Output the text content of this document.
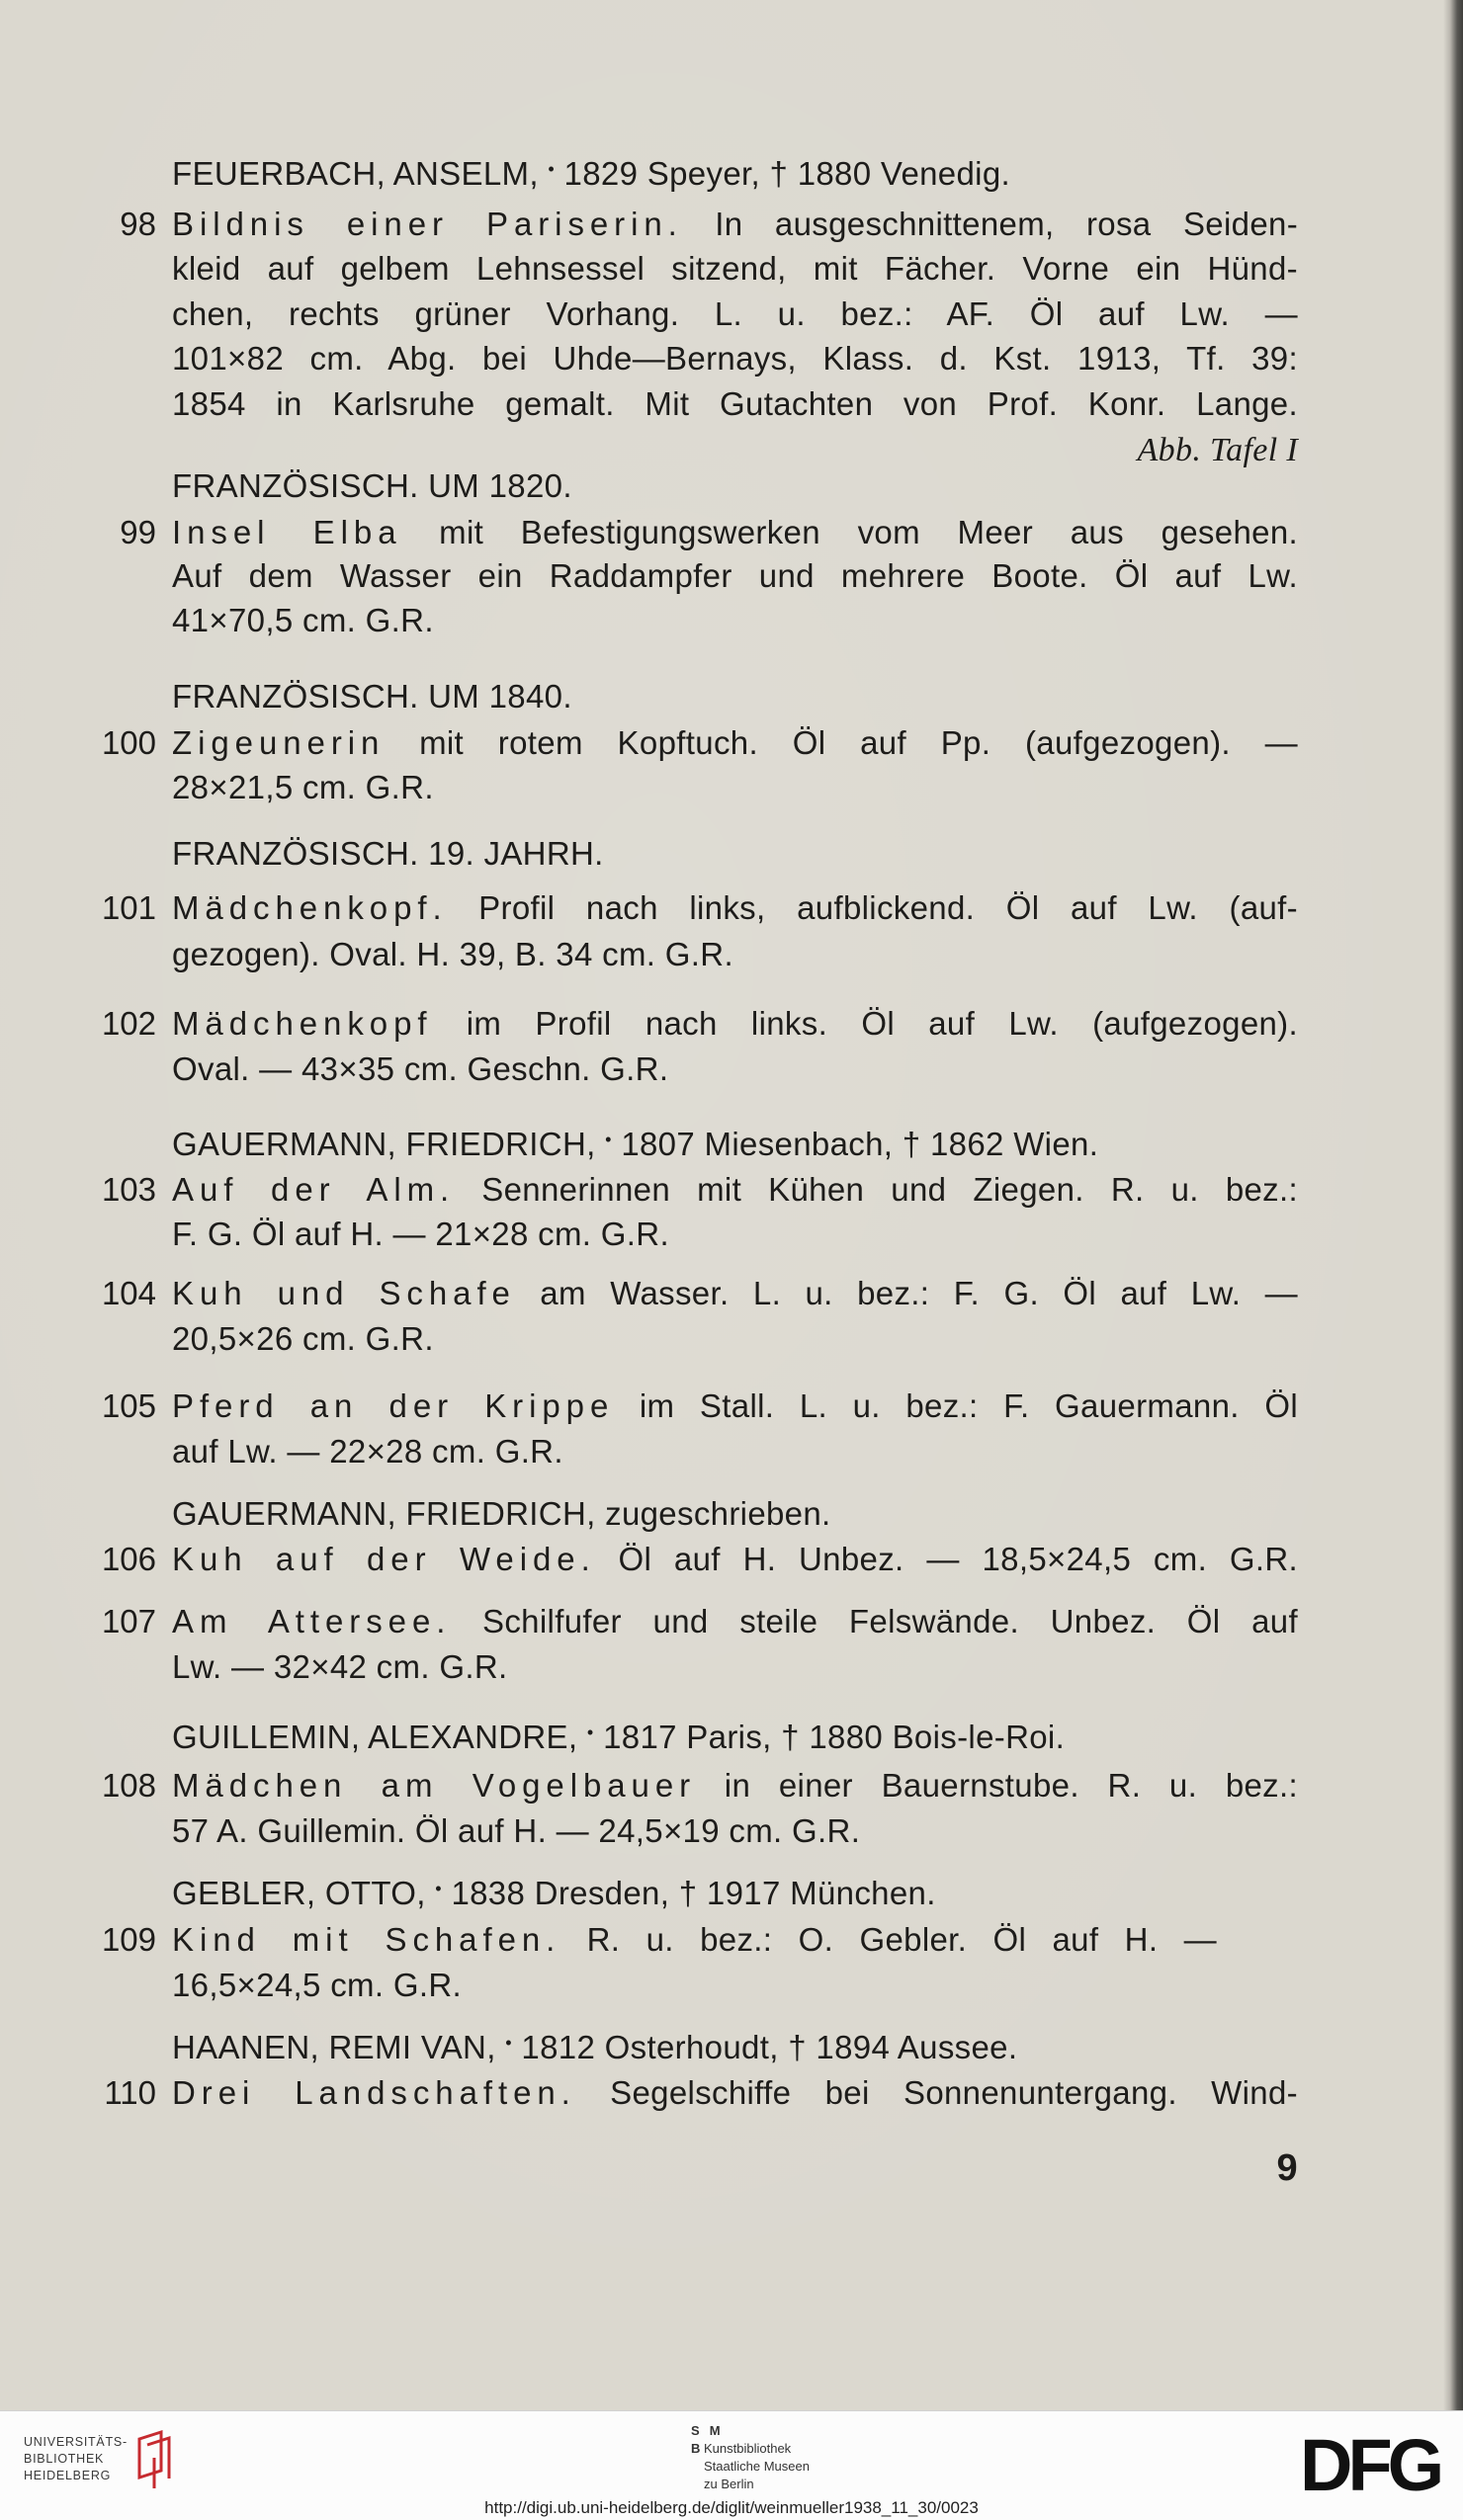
FEUERBACH, ANSELM, • 1829 Speyer, † 1880 Venedig.
98 Bildnis einer Pariserin. In ausgeschnittenem, rosa Seiden-
kleid auf gelbem Lehnsessel sitzend, mit Fächer. Vorne ein Hünd-
chen, rechts grüner Vorhang. L. u. bez.: AF. Öl auf Lw. —
101×82 cm. Abg. bei Uhde—Bernays, Klass. d. Kst. 1913, Tf. 39:
1854 in Karlsruhe gemalt. Mit Gutachten von Prof. Konr. Lange.
Abb. Tafel I
FRANZÖSISCH. UM 1820.
99 Insel Elba mit Befestigungswerken vom Meer aus gesehen.
Auf dem Wasser ein Raddampfer und mehrere Boote. Öl auf Lw.
41×70,5 cm. G.R.
FRANZÖSISCH. UM 1840.
100 Zigeunerin mit rotem Kopftuch. Öl auf Pp. (aufgezogen). —
28×21,5 cm. G.R.
FRANZÖSISCH. 19. JAHRH.
101 Mädchenkopf. Profil nach links, aufblickend. Öl auf Lw. (auf-
gezogen). Oval. H. 39, B. 34 cm. G.R.
102 Mädchenkopf im Profil nach links. Öl auf Lw. (aufgezogen).
Oval. — 43×35 cm. Geschn. G.R.
GAUERMANN, FRIEDRICH, • 1807 Miesenbach, † 1862 Wien.
103 Auf der Alm. Sennerinnen mit Kühen und Ziegen. R. u. bez.:
F. G. Öl auf H. — 21×28 cm. G.R.
104 Kuh und Schafe am Wasser. L. u. bez.: F. G. Öl auf Lw. —
20,5×26 cm. G.R.
105 Pferd an der Krippe im Stall. L. u. bez.: F. Gauermann. Öl
auf Lw. — 22×28 cm. G.R.
GAUERMANN, FRIEDRICH, zugeschrieben.
106 Kuh auf der Weide. Öl auf H. Unbez. — 18,5×24,5 cm. G.R.
107 Am Attersee. Schilfufer und steile Felswände. Unbez. Öl auf
Lw. — 32×42 cm. G.R.
GUILLEMIN, ALEXANDRE, • 1817 Paris, † 1880 Bois-le-Roi.
108 Mädchen am Vogelbauer in einer Bauernstube. R. u. bez.:
57 A. Guillemin. Öl auf H. — 24,5×19 cm. G.R.
GEBLER, OTTO, • 1838 Dresden, † 1917 München.
109 Kind mit Schafen. R. u. bez.: O. Gebler. Öl auf H. —
16,5×24,5 cm. G.R.
HAANEN, REMI VAN, • 1812 Osterhoudt, † 1894 Aussee.
110 Drei Landschaften. Segelschiffe bei Sonnenuntergang. Wind-
9
UNIVERSITÄTS-
BIBLIOTHEK
HEIDELBERG
S M
B Kunstbibliothek
Staatliche Museen
zu Berlin	DFG
http://digi.ub.uni-heidelberg.de/diglit/weinmueller1938_11_30/0023
